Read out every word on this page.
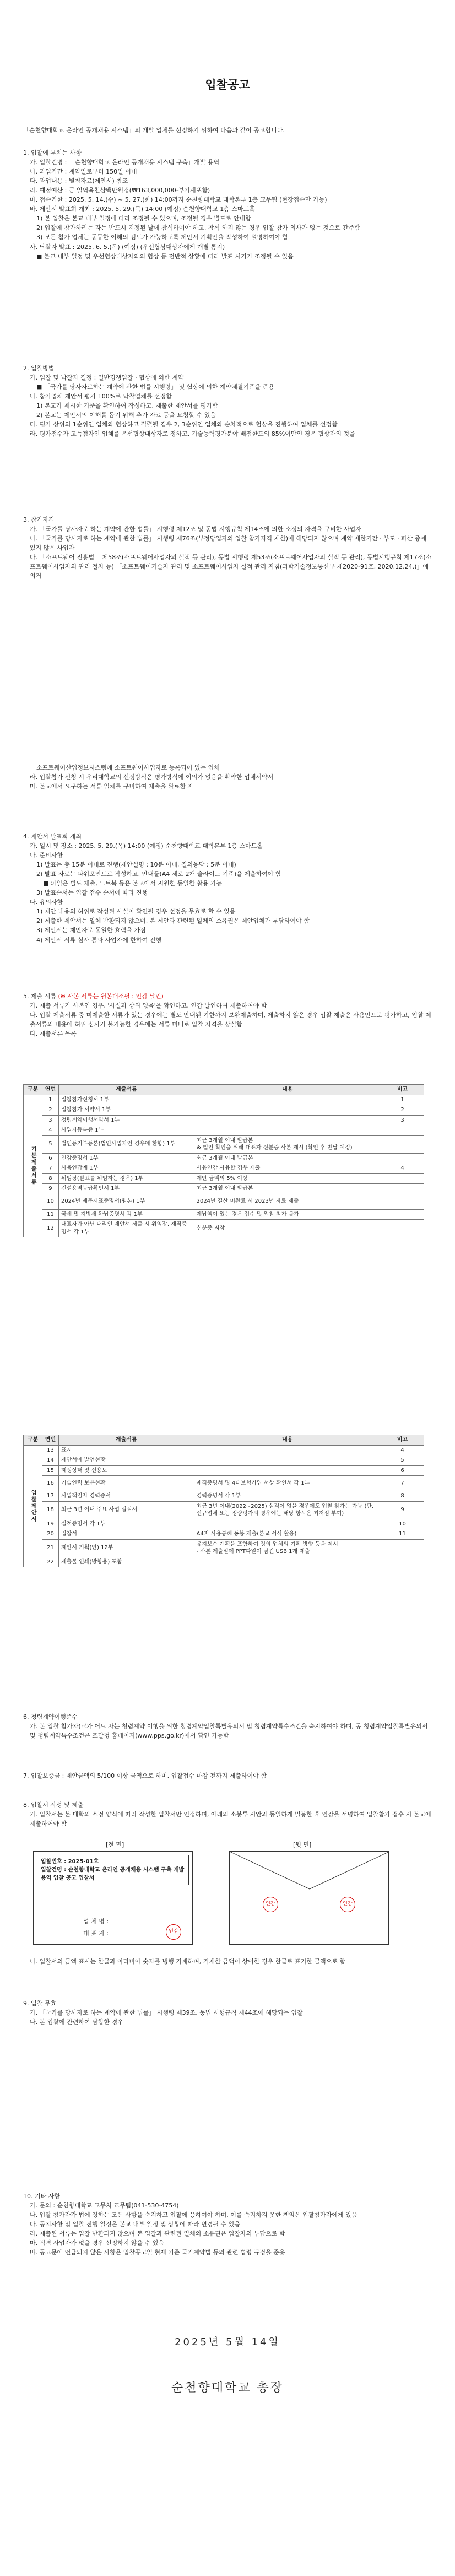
입찰공고

「순천향대학교 온라인 공개채용 시스템」의 개발 업체를 선정하기 위하여 다음과 같이 공고합니다.

1. 입찰에 부치는 사항

가. 입찰건명 : 「순천향대학교 온라인 공개채용 시스템 구축」개발 용역

나. 과업기간 : 계약일로부터 150일 이내

다. 과업내용 : 별첨자료(제안서) 참조

라. 예정예산 : 금 일억육천삼백만원정(₩163,000,000-부가세포함)

마. 접수기한 : 2025. 5. 14.(수) ~ 5. 27.(화) 14:00까지 순천향대학교 대학본부 1층 교무팀 (현장접수만 가능)

바. 제안서 발표회 개최 : 2025. 5. 29.(목) 14:00 (예정) 순천향대학교 1층 스마트홀

1) 본 입찰은 본교 내부 일정에 따라 조정될 수 있으며, 조정될 경우 별도로 안내함

2) 입찰에 참가하려는 자는 반드시 지정된 날에 참석하여야 하고, 참석 하지 않는 경우 입찰 참가 의사가 없는 것으로 간주함

3) 모든 참가 업체는 동등한 이해의 검토가 가능하도록 제안서 기획안을 작성하여 설명하여야 함

사. 낙찰자 발표 : 2025. 6. 5.(목) (예정) (우선협상대상자에게 개별 통지)

■ 본교 내부 일정 및 우선협상대상자와의 협상 등 전반적 상황에 따라 발표 시기가 조정될 수 있음

2. 입찰방법

가. 입찰 및 낙찰자 결정 : 일반경쟁입찰 · 협상에 의한 계약

■ 「국가를 당사자로하는 계약에 관한 법률 시행령」 및 협상에 의한 계약체결기준을 준용

나. 참가업체 제안서 평가 100%로 낙찰업체를 선정함

1) 본교가 제시한 기준을 확인하여 작성하고, 제출한 제안서를 평가함

2) 본교는 제안서의 이해를 돕기 위해 추가 자료 등을 요청할 수 있음

다. 평가 상위의 1순위인 업체와 협상하고 결렬될 경우 2, 3순위인 업체와 순차적으로 협상을 진행하여 업체를 선정함

라. 평가점수가 고득점자인 업체를 우선협상대상자로 정하고, 기술능력평가분야 배점한도의 85%이만인 경우 협상자의 것을

3. 참가자격

가. 「국가를 당사자로 하는 계약에 관한 법률」 시행령 제12조 및 동법 시행규칙 제14조에 의한 소정의 자격을 구비한 사업자

나. 「국가를 당사자로 하는 계약에 관한 법률」 시행령 제76조(부정당업자의 입찰 참가자격 제한)에 해당되지 않으며 계약 제한기간 · 부도 · 파산 중에 있지 않은 사업자

다. 「소프트웨어 진흥법」 제58조(소프트웨어사업자의 실적 등 관리), 동법 시행령 제53조(소프트웨어사업자의 실적 등 관리), 동법시행규칙 제17조(소프트웨어사업자의 관리 절차 등) 「소프트웨어기술자 관리 및 소프트웨어사업자 실적 관리 지침(과학기술정보통신부 제2020-91호, 2020.12.24.)」에 의거

소프트웨어산업정보시스템에 소프트웨어사업자로 등록되어 있는 업체

라. 입찰참가 신청 시 우리대학교의 선정방식은 평가방식에 이의가 없음을 확약한 업체서약서

마. 본교에서 요구하는 서류 일체를 구비하여 제출을 완료한 자

4. 제안서 발표회 개최

가. 일시 및 장소 : 2025. 5. 29.(목) 14:00 (예정) 순천향대학교 대학본부 1층 스마트홀

나. 준비사항

1) 발표는 총 15분 이내로 진행(제안설명 : 10분 이내, 질의응답 : 5분 이내)

2) 발표 자료는 파워포인트로 작성하고, 안내물(A4 세로 2개 슬라이드 기준)을 제출하여야 함

■ 파일은 별도 제출, 노트북 등은 본교에서 지원한 동일한 활용 가능

3) 발표순서는 입찰 접수 순서에 따라 진행

다. 유의사항

1) 제안 내용의 허위로 작성된 사실이 확인될 경우 선정을 무효로 할 수 있음

2) 제출한 제안서는 일체 반환되지 않으며, 본 제안과 관련된 일체의 소유권은 제안업체가 부담하여야 함

3) 제안서는 제안자로 동일한 효력을 가짐

4) 제안서 서류 심사 통과 사업자에 한하여 진행

5. 제출 서류 (※ 사본 서류는 원본대조필 : 인감 날인)

가. 제출 서류가 사본인 경우, '사실과 상위 없음'을 확인하고, 인감 날인하여 제출하여야 함

나. 입찰 제출서류 중 미제출한 서류가 있는 경우에는 별도 안내된 기한까지 보완제출하며, 제출하지 않은 경우 입찰 제출은 사용안으로 평가하고, 입찰 제출서류의 내용에 허위 심사가 불가능한 경우에는 서류 미비로 입찰 자격을 상실함

다. 제출서류 목록

구분	연번	제출서류	내용	비고
기본제출서류	1	입찰참가신청서 1부		1
	2	입찰참가 서약서 1부		2
	3	청렴계약이행서약서 1부		3
	4	사업자등록증 1부		
	5	법인등기부등본(법인사업자인 경우에 한함) 1부	최근 3개월 이내 발급본
※ 법인 확인을 위해 대표자 신분증 사본 제시 (확인 후 반납 예정)	
	6	인감증명서 1부	최근 3개월 이내 발급본	
	7	사용인감계 1부	사용인감 사용할 경우 제출	4
	8	위임장(발표를 위임하는 경우) 1부	제안 금액의 5% 이상	
	9	건설용역등급확인서 1부	최근 3개월 이내 발급본	
	10	2024년 재무제표증명서(원본) 1부	2024년 결산 미완료 시 2023년 자료 제출	
	11	국세 및 지방세 완납증명서 각 1부	제납액이 있는 경우 접수 및 입찰 참가 불가	
	12	대표자가 아닌 대리인 제안서 제출 시 위임장, 재직증명서 각 1부	신분증 지참	
구분	연번	제출서류	내용	비고
입찰제안서	13	표지		4
	14	제안서에 발언현황		5
	15	제정상태 및 신용도		6
	16	기술인력 보유현황	재직증명서 및 4대보험가입 서상 확인서 각 1부	7
	17	사업책임자 경력증서	경력증명서 각 1부	8
	18	최근 3년 이내 주요 사업 실적서	최근 3년 이내(2022~2025) 실적이 없을 경우에도 입찰 참가는 가능 (단, 신규업체 또는 정량평가의 경우에는 해당 항목은 최저점 부여)	9
	19	실적증명서 각 1부		10
	20	입찰서	A4지 사용통해 동봉 제출(본교 서식 활용)	11
	21	제안서 기획(안) 12부	유지보수 계획을 포함하여 정의 업체의 기획 방향 등을 제시
- 사본 제출일에 PPT파일이 담긴 USB 1개 제출	
	22	제출물 인쇄(방향용) 포함		

6. 청렴계약이행준수

가. 본 입찰 참가자(교가 어느 자는 청렴계약 이행을 위한 청렴계약입찰특별유의서 및 청렴계약특수조건을 숙지하여야 하며, 동 청렴계약입찰특별유의서 및 청렴계약특수조건은 조달청 홈페이지(www.pps.go.kr)에서 확인 가능함

7. 입찰보증금 : 제안금액의 5/100 이상 금액으로 하며, 입찰접수 마감 전까지 제출하여야 함

8. 입찰서 작성 및 제출

가. 입찰서는 본 대학의 소정 양식에 따라 작성한 입찰서만 인정하며, 아래의 소봉투 시안과 동일하게 밀봉한 후 인감을 서명하여 입찰참가 접수 시 본교에 제출하여야 함

[전 면]	[뒷 면]

입찰번호 : 2025-01호

입찰건명 : 순천향대학교 온라인 공개채용 시스템 구축 개발 용역 입찰 공고 입찰서

업 체 명 :

대 표 자 :	인감
인감	인감

나. 입찰서의 금액 표시는 한글과 아라비아 숫자를 병행 기재하며, 기재한 금액이 상이한 경우 한글로 표기한 금액으로 함

9. 입찰 무효

가. 「국가를 당사자로 하는 계약에 관한 법률」 시행령 제39조, 동법 시행규칙 제44조에 해당되는 입찰

나. 본 입찰에 관련하여 담합한 경우

10. 기타 사항

가. 문의 : 순천향대학교 교무처 교무팀(041-530-4754)

나. 입찰 참가자가 법에 정하는 모든 사항을 숙지하고 입찰에 응하여야 하며, 이를 숙지하지 못한 책임은 입찰참가자에게 있음

다. 공지사항 및 입찰 진행 일정은 본교 내부 일정 및 상황에 따라 변경될 수 있음

라. 제출된 서류는 입찰 반환되지 않으며 본 입찰과 관련된 일체의 소유권은 입찰자의 부담으로 함

마. 적격 사업자가 없을 경우 선정하지 않을 수 있음

바. 공고문에 언급되지 않은 사항은 입찰공고일 현재 기준 국가계약법 등의 관련 법령 규정을 준용

2025년 5월 14일

순천향대학교 총장
